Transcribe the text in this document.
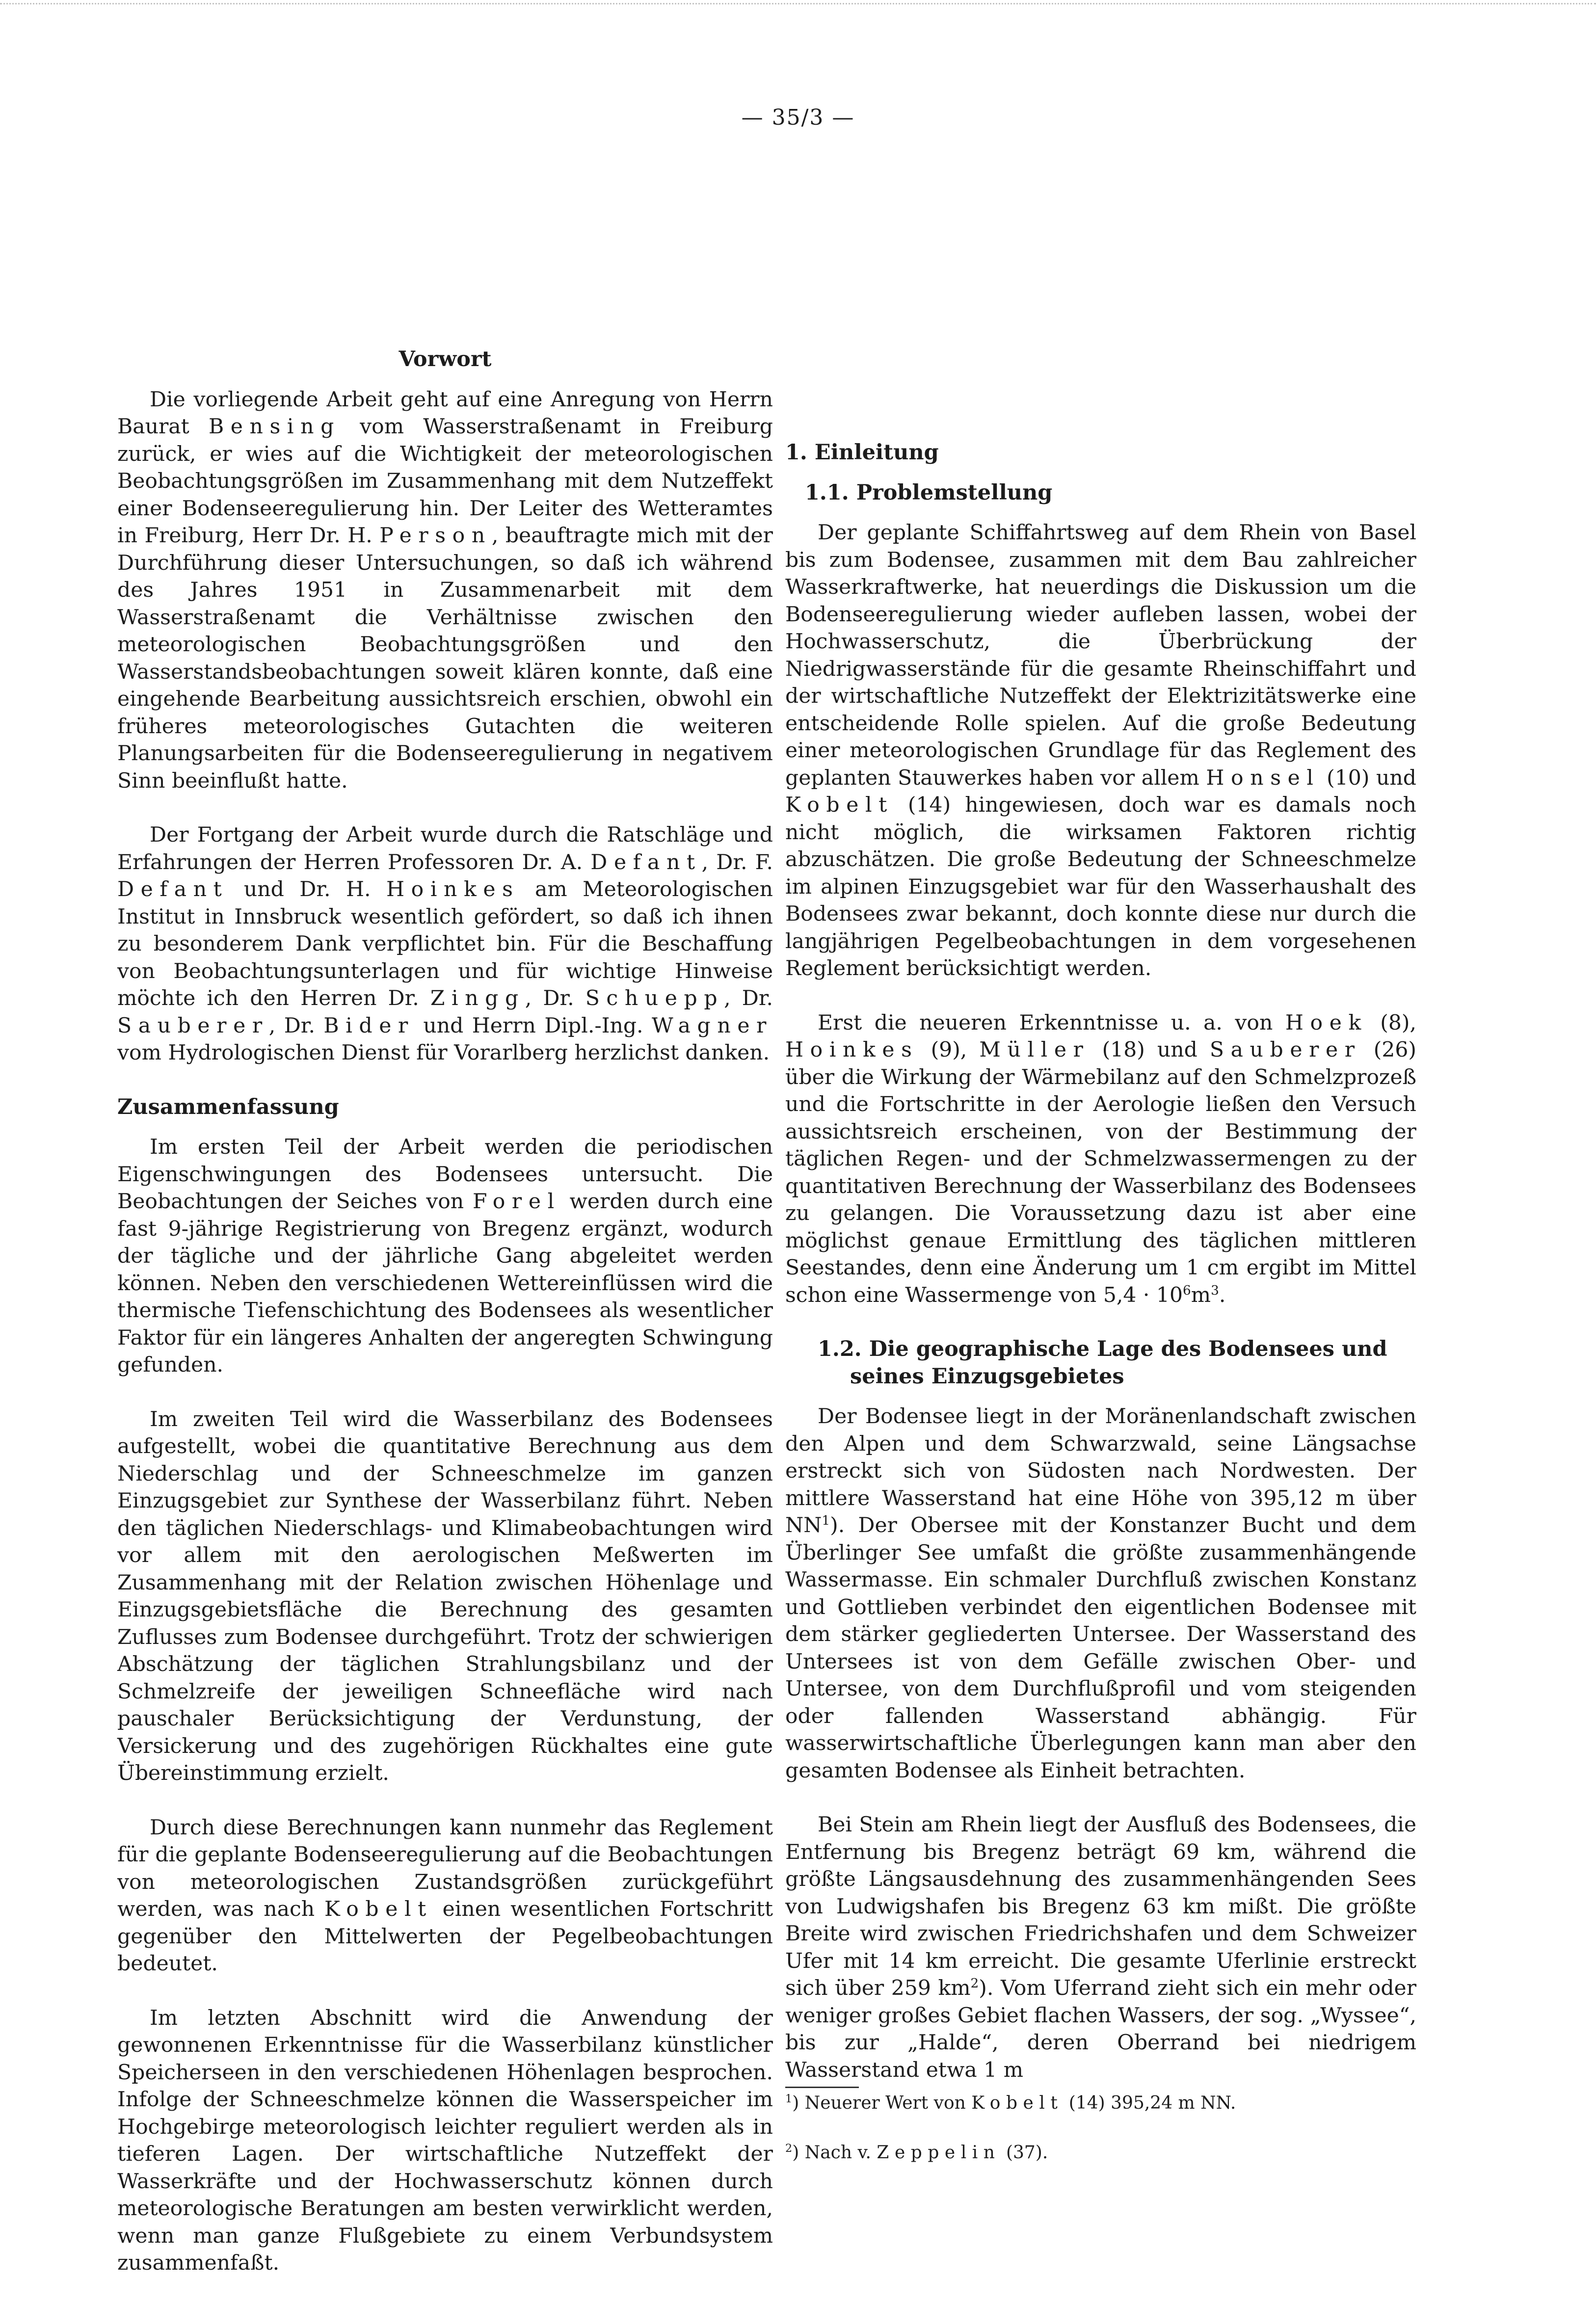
— 35/3 —
Vorwort

Die vorliegende Arbeit geht auf eine Anregung von Herrn Baurat Bensing vom Wasserstraßenamt in Freiburg zurück, er wies auf die Wichtigkeit der meteorologischen Beobachtungsgrößen im Zusammenhang mit dem Nutzeffekt einer Bodenseeregulierung hin. Der Leiter des Wetteramtes in Freiburg, Herr Dr. H. Person, beauftragte mich mit der Durchführung dieser Untersuchungen, so daß ich während des Jahres 1951 in Zusammenarbeit mit dem Wasserstraßenamt die Verhältnisse zwischen den meteorologischen Beobachtungsgrößen und den Wasserstandsbeobachtungen soweit klären konnte, daß eine eingehende Bearbeitung aussichtsreich erschien, obwohl ein früheres meteorologisches Gutachten die weiteren Planungsarbeiten für die Bodenseeregulierung in negativem Sinn beeinflußt hatte.

Der Fortgang der Arbeit wurde durch die Ratschläge und Erfahrungen der Herren Professoren Dr. A. Defant, Dr. F. Defant und Dr. H. Hoinkes am Meteorologischen Institut in Innsbruck wesentlich gefördert, so daß ich ihnen zu besonderem Dank verpflichtet bin. Für die Beschaffung von Beobachtungsunterlagen und für wichtige Hinweise möchte ich den Herren Dr. Zingg, Dr. Schuepp, Dr. Sauberer, Dr. Bider und Herrn Dipl.-Ing. Wagner vom Hydrologischen Dienst für Vorarlberg herzlichst danken.

Zusammenfassung

Im ersten Teil der Arbeit werden die periodischen Eigenschwingungen des Bodensees untersucht. Die Beobachtungen der Seiches von Forel werden durch eine fast 9-jährige Registrierung von Bregenz ergänzt, wodurch der tägliche und der jährliche Gang abgeleitet werden können. Neben den verschiedenen Wettereinflüssen wird die thermische Tiefenschichtung des Bodensees als wesentlicher Faktor für ein längeres Anhalten der angeregten Schwingung gefunden.

Im zweiten Teil wird die Wasserbilanz des Bodensees aufgestellt, wobei die quantitative Berechnung aus dem Niederschlag und der Schneeschmelze im ganzen Einzugsgebiet zur Synthese der Wasserbilanz führt. Neben den täglichen Niederschlags- und Klimabeobachtungen wird vor allem mit den aerologischen Meßwerten im Zusammenhang mit der Relation zwischen Höhenlage und Einzugsgebietsfläche die Berechnung des gesamten Zuflusses zum Bodensee durchgeführt. Trotz der schwierigen Abschätzung der täglichen Strahlungsbilanz und der Schmelzreife der jeweiligen Schneefläche wird nach pauschaler Berücksichtigung der Verdunstung, der Versickerung und des zugehörigen Rückhaltes eine gute Übereinstimmung erzielt.

Durch diese Berechnungen kann nunmehr das Reglement für die geplante Bodenseeregulierung auf die Beobachtungen von meteorologischen Zustandsgrößen zurückgeführt werden, was nach Kobelt einen wesentlichen Fortschritt gegenüber den Mittelwerten der Pegelbeobachtungen bedeutet.

Im letzten Abschnitt wird die Anwendung der gewonnenen Erkenntnisse für die Wasserbilanz künstlicher Speicherseen in den verschiedenen Höhenlagen besprochen. Infolge der Schneeschmelze können die Wasserspeicher im Hochgebirge meteorologisch leichter reguliert werden als in tieferen Lagen. Der wirtschaftliche Nutzeffekt der Wasserkräfte und der Hochwasserschutz können durch meteorologische Beratungen am besten verwirklicht werden, wenn man ganze Flußgebiete zu einem Verbundsystem zusammenfaßt.

1. Einleitung
1.1. Problemstellung

Der geplante Schiffahrtsweg auf dem Rhein von Basel bis zum Bodensee, zusammen mit dem Bau zahlreicher Wasserkraftwerke, hat neuerdings die Diskussion um die Bodenseeregulierung wieder aufleben lassen, wobei der Hochwasserschutz, die Überbrückung der Niedrigwasserstände für die gesamte Rheinschiffahrt und der wirtschaftliche Nutzeffekt der Elektrizitätswerke eine entscheidende Rolle spielen. Auf die große Bedeutung einer meteorologischen Grundlage für das Reglement des geplanten Stauwerkes haben vor allem Honsel (10) und Kobelt (14) hingewiesen, doch war es damals noch nicht möglich, die wirksamen Faktoren richtig abzuschätzen. Die große Bedeutung der Schneeschmelze im alpinen Einzugsgebiet war für den Wasserhaushalt des Bodensees zwar bekannt, doch konnte diese nur durch die langjährigen Pegelbeobachtungen in dem vorgesehenen Reglement berücksichtigt werden.

Erst die neueren Erkenntnisse u. a. von Hoek (8), Hoinkes (9), Müller (18) und Sauberer (26) über die Wirkung der Wärmebilanz auf den Schmelzprozeß und die Fortschritte in der Aerologie ließen den Versuch aussichtsreich erscheinen, von der Bestimmung der täglichen Regen- und der Schmelzwassermengen zu der quantitativen Berechnung der Wasserbilanz des Bodensees zu gelangen. Die Voraussetzung dazu ist aber eine möglichst genaue Ermittlung des täglichen mittleren Seestandes, denn eine Änderung um 1 cm ergibt im Mittel schon eine Wassermenge von $5,4 \cdot 10^6m^3$.

1.2. Die geographische Lage des Bodensees und seines Einzugsgebietes

Der Bodensee liegt in der Moränenlandschaft zwischen den Alpen und dem Schwarzwald, seine Längsachse erstreckt sich von Südosten nach Nordwesten. Der mittlere Wasserstand hat eine Höhe von 395,12 m über $NN^1$). Der Obersee mit der Konstanzer Bucht und dem Überlinger See umfaßt die größte zusammenhängende Wassermasse. Ein schmaler Durchfluß zwischen Konstanz und Gottlieben verbindet den eigentlichen Bodensee mit dem stärker gegliederten Untersee. Der Wasserstand des Untersees ist von dem Gefälle zwischen Ober- und Untersee, von dem Durchflußprofil und vom steigenden oder fallenden Wasserstand abhängig. Für wasserwirtschaftliche Überlegungen kann man aber den gesamten Bodensee als Einheit betrachten.

Bei Stein am Rhein liegt der Ausfluß des Bodensees, die Entfernung bis Bregenz beträgt 69 km, während die größte Längsausdehnung des zusammenhängenden Sees von Ludwigshafen bis Bregenz 63 km mißt. Die größte Breite wird zwischen Friedrichshafen und dem Schweizer Ufer mit 14 km erreicht. Die gesamte Uferlinie erstreckt sich über 259 $km^2$). Vom Uferrand zieht sich ein mehr oder weniger großes Gebiet flachen Wassers, der sog. „Wyssee“, bis zur „Halde“, deren Oberrand bei niedrigem Wasserstand etwa 1 m

$^1$) Neuerer Wert von Kobelt (14) 395,24 m NN.

$^2$) Nach v. Zeppelin (37).
